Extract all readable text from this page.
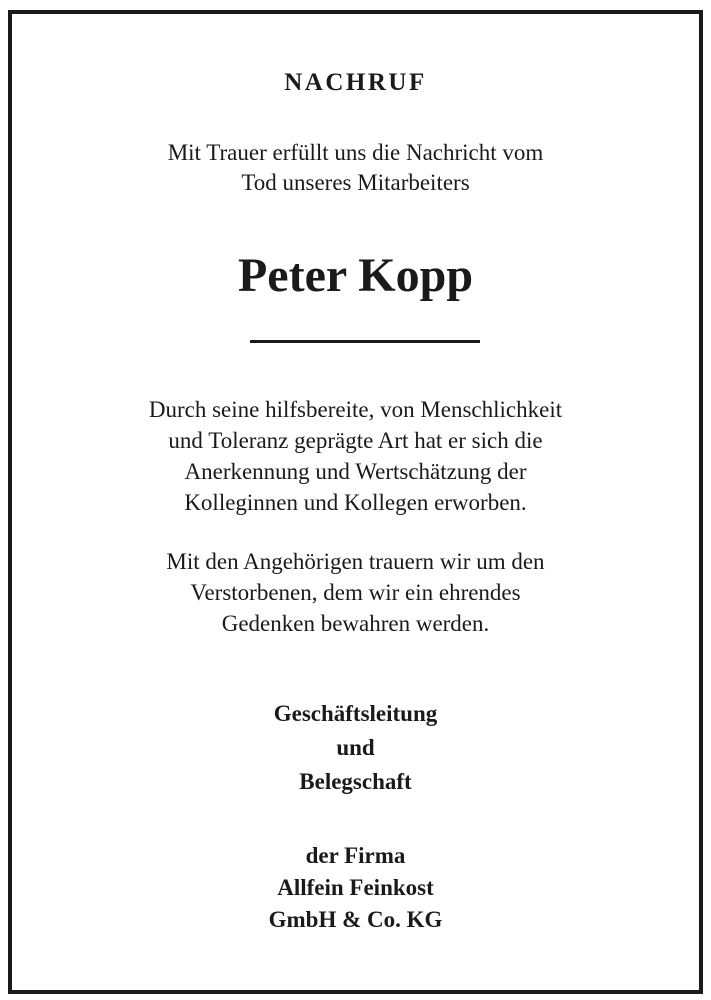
NACHRUF
Mit Trauer erfüllt uns die Nachricht vom
Tod unseres Mitarbeiters
Peter Kopp
Durch seine hilfsbereite, von Menschlichkeit
und Toleranz geprägte Art hat er sich die
Anerkennung und Wertschätzung der
Kolleginnen und Kollegen erworben.
Mit den Angehörigen trauern wir um den
Verstorbenen, dem wir ein ehrendes
Gedenken bewahren werden.
Geschäftsleitung
und
Belegschaft
der Firma
Allfein Feinkost
GmbH & Co. KG
